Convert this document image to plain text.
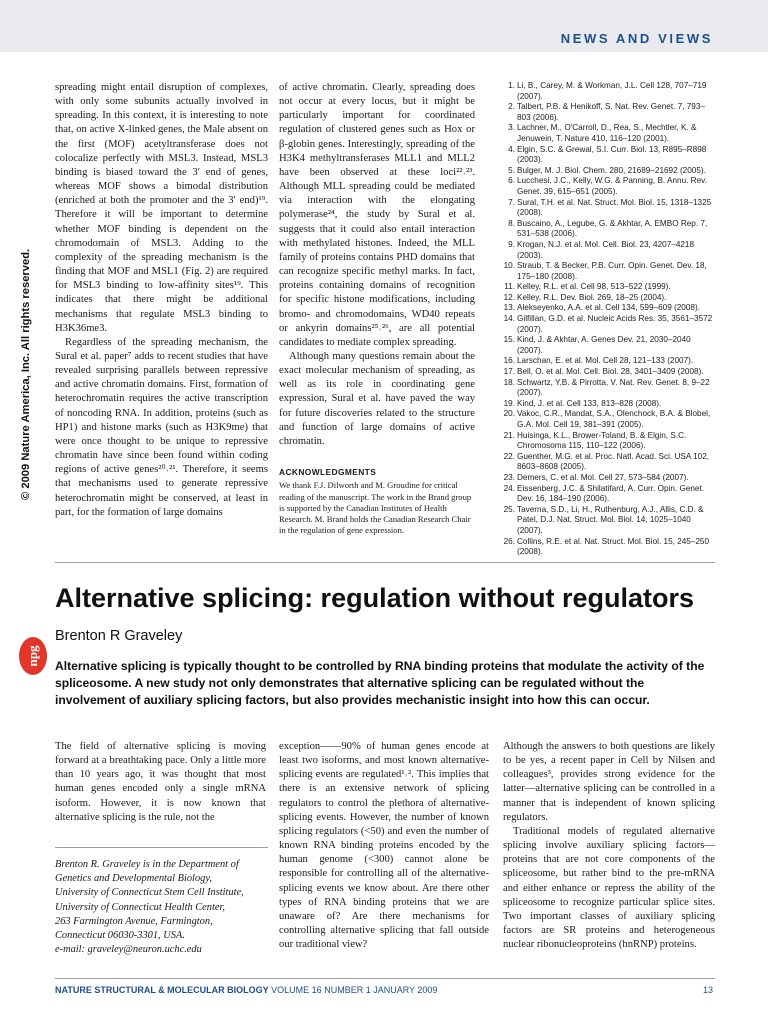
NEWS AND VIEWS
© 2009 Nature America, Inc. All rights reserved.

spreading might entail disruption of complexes, with only some subunits actually involved in spreading. In this context, it is interesting to note that, on active X-linked genes, the Male absent on the first (MOF) acetyltransferase does not colocalize perfectly with MSL3. Instead, MSL3 binding is biased toward the 3′ end of genes, whereas MOF shows a bimodal distribution (enriched at both the promoter and the 3′ end)¹⁹. Therefore it will be important to determine whether MOF binding is dependent on the chromodomain of MSL3. Adding to the complexity of the spreading mechanism is the finding that MOF and MSL1 (Fig. 2) are required for MSL3 binding to low-affinity sites¹⁹. This indicates that there might be additional mechanisms that regulate MSL3 binding to H3K36me3.

Regardless of the spreading mechanism, the Sural et al. paper⁷ adds to recent studies that have revealed surprising parallels between repressive and active chromatin domains. First, formation of heterochromatin requires the active transcription of noncoding RNA. In addition, proteins (such as HP1) and histone marks (such as H3K9me) that were once thought to be unique to repressive chromatin have since been found within coding regions of active genes²⁰˒²¹. Therefore, it seems that mechanisms used to generate repressive heterochromatin might be conserved, at least in part, for the formation of large domains

of active chromatin. Clearly, spreading does not occur at every locus, but it might be particularly important for coordinated regulation of clustered genes such as Hox or β-globin genes. Interestingly, spreading of the H3K4 methyltransferases MLL1 and MLL2 have been observed at these loci²²˒²³. Although MLL spreading could be mediated via interaction with the elongating polymerase²⁴, the study by Sural et al. suggests that it could also entail interaction with methylated histones. Indeed, the MLL family of proteins contains PHD domains that can recognize specific methyl marks. In fact, proteins containing domains of recognition for specific histone modifications, including bromo- and chromodomains, WD40 repeats or ankyrin domains²⁵˒²⁶, are all potential candidates to mediate complex spreading.

Although many questions remain about the exact molecular mechanism of spreading, as well as its role in coordinating gene expression, Sural et al. have paved the way for future discoveries related to the structure and function of large domains of active chromatin.

ACKNOWLEDGMENTS
We thank F.J. Dilworth and M. Groudine for critical reading of the manuscript. The work in the Brand group is supported by the Canadian Institutes of Health Research. M. Brand holds the Canadian Research Chair in the regulation of gene expression.
1. Li, B., Carey, M. & Workman, J.L. Cell 128, 707–719 (2007).
2. Talbert, P.B. & Henikoff, S. Nat. Rev. Genet. 7, 793–803 (2006).
3. Lachner, M., O'Carroll, D., Rea, S., Mechtler, K. & Jenuwein, T. Nature 410, 116–120 (2001).
4. Elgin, S.C. & Grewal, S.I. Curr. Biol. 13, R895–R898 (2003).
5. Bulger, M. J. Biol. Chem. 280, 21689–21692 (2005).
6. Lucchesi, J.C., Kelly, W.G. & Panning, B. Annu. Rev. Genet. 39, 615–651 (2005).
7. Sural, T.H. et al. Nat. Struct. Mol. Biol. 15, 1318–1325 (2008).
8. Buscaino, A., Legube, G. & Akhtar, A. EMBO Rep. 7, 531–538 (2006).
9. Krogan, N.J. et al. Mol. Cell. Biol. 23, 4207–4218 (2003).
10. Straub, T. & Becker, P.B. Curr. Opin. Genet. Dev. 18, 175–180 (2008).
11. Kelley, R.L. et al. Cell 98, 513–522 (1999).
12. Kelley, R.L. Dev. Biol. 269, 18–25 (2004).
13. Alekseyenko, A.A. et al. Cell 134, 599–609 (2008).
14. Gilfillan, G.D. et al. Nucleic Acids Res. 35, 3561–3572 (2007).
15. Kind, J. & Akhtar, A. Genes Dev. 21, 2030–2040 (2007).
16. Larschan, E. et al. Mol. Cell 28, 121–133 (2007).
17. Bell, O. et al. Mol. Cell. Biol. 28, 3401–3409 (2008).
18. Schwartz, Y.B. & Pirrotta, V. Nat. Rev. Genet. 8, 9–22 (2007).
19. Kind, J. et al. Cell 133, 813–828 (2008).
20. Vakoc, C.R., Mandat, S.A., Olenchock, B.A. & Blobel, G.A. Mol. Cell 19, 381–391 (2005).
21. Huisinga, K.L., Brower-Toland, B. & Elgin, S.C. Chromosoma 115, 110–122 (2006).
22. Guenther, M.G. et al. Proc. Natl. Acad. Sci. USA 102, 8603–8608 (2005).
23. Demers, C. et al. Mol. Cell 27, 573–584 (2007).
24. Eissenberg, J.C. & Shilatifard, A. Curr. Opin. Genet. Dev. 16, 184–190 (2006).
25. Taverna, S.D., Li, H., Ruthenburg, A.J., Allis, C.D. & Patel, D.J. Nat. Struct. Mol. Biol. 14, 1025–1040 (2007).
26. Collins, R.E. et al. Nat. Struct. Mol. Biol. 15, 245–250 (2008).
npg
Alternative splicing: regulation without regulators
Brenton R Graveley
Alternative splicing is typically thought to be controlled by RNA binding proteins that modulate the activity of the spliceosome. A new study not only demonstrates that alternative splicing can be regulated without the involvement of auxiliary splicing factors, but also provides mechanistic insight into how this can occur.

The field of alternative splicing is moving forward at a breathtaking pace. Only a little more than 10 years ago, it was thought that most human genes encoded only a single mRNA isoform. However, it is now known that alternative splicing is the rule, not the

Brenton R. Graveley is in the Department of
Genetics and Developmental Biology,
University of Connecticut Stem Cell Institute,
University of Connecticut Health Center,
263 Farmington Avenue, Farmington,
Connecticut 06030-3301, USA.
e-mail: graveley@neuron.uchc.edu

exception——90% of human genes encode at least two isoforms, and most known alternative-splicing events are regulated¹˒². This implies that there is an extensive network of splicing regulators to control the plethora of alternative-splicing events. However, the number of known splicing regulators (<50) and even the number of known RNA binding proteins encoded by the human genome (<300) cannot alone be responsible for controlling all of the alternative-splicing events we know about. Are there other types of RNA binding proteins that we are unaware of? Are there mechanisms for controlling alternative splicing that fall outside our traditional view?

Although the answers to both questions are likely to be yes, a recent paper in Cell by Nilsen and colleagues³, provides strong evidence for the latter—alternative splicing can be controlled in a manner that is independent of known splicing regulators.

Traditional models of regulated alternative splicing involve auxiliary splicing factors—proteins that are not core components of the spliceosome, but rather bind to the pre-mRNA and either enhance or repress the ability of the spliceosome to recognize particular splice sites. Two important classes of auxiliary splicing factors are SR proteins and heterogeneous nuclear ribonucleoproteins (hnRNP) proteins.

NATURE STRUCTURAL & MOLECULAR BIOLOGY VOLUME 16 NUMBER 1 JANUARY 2009	13
